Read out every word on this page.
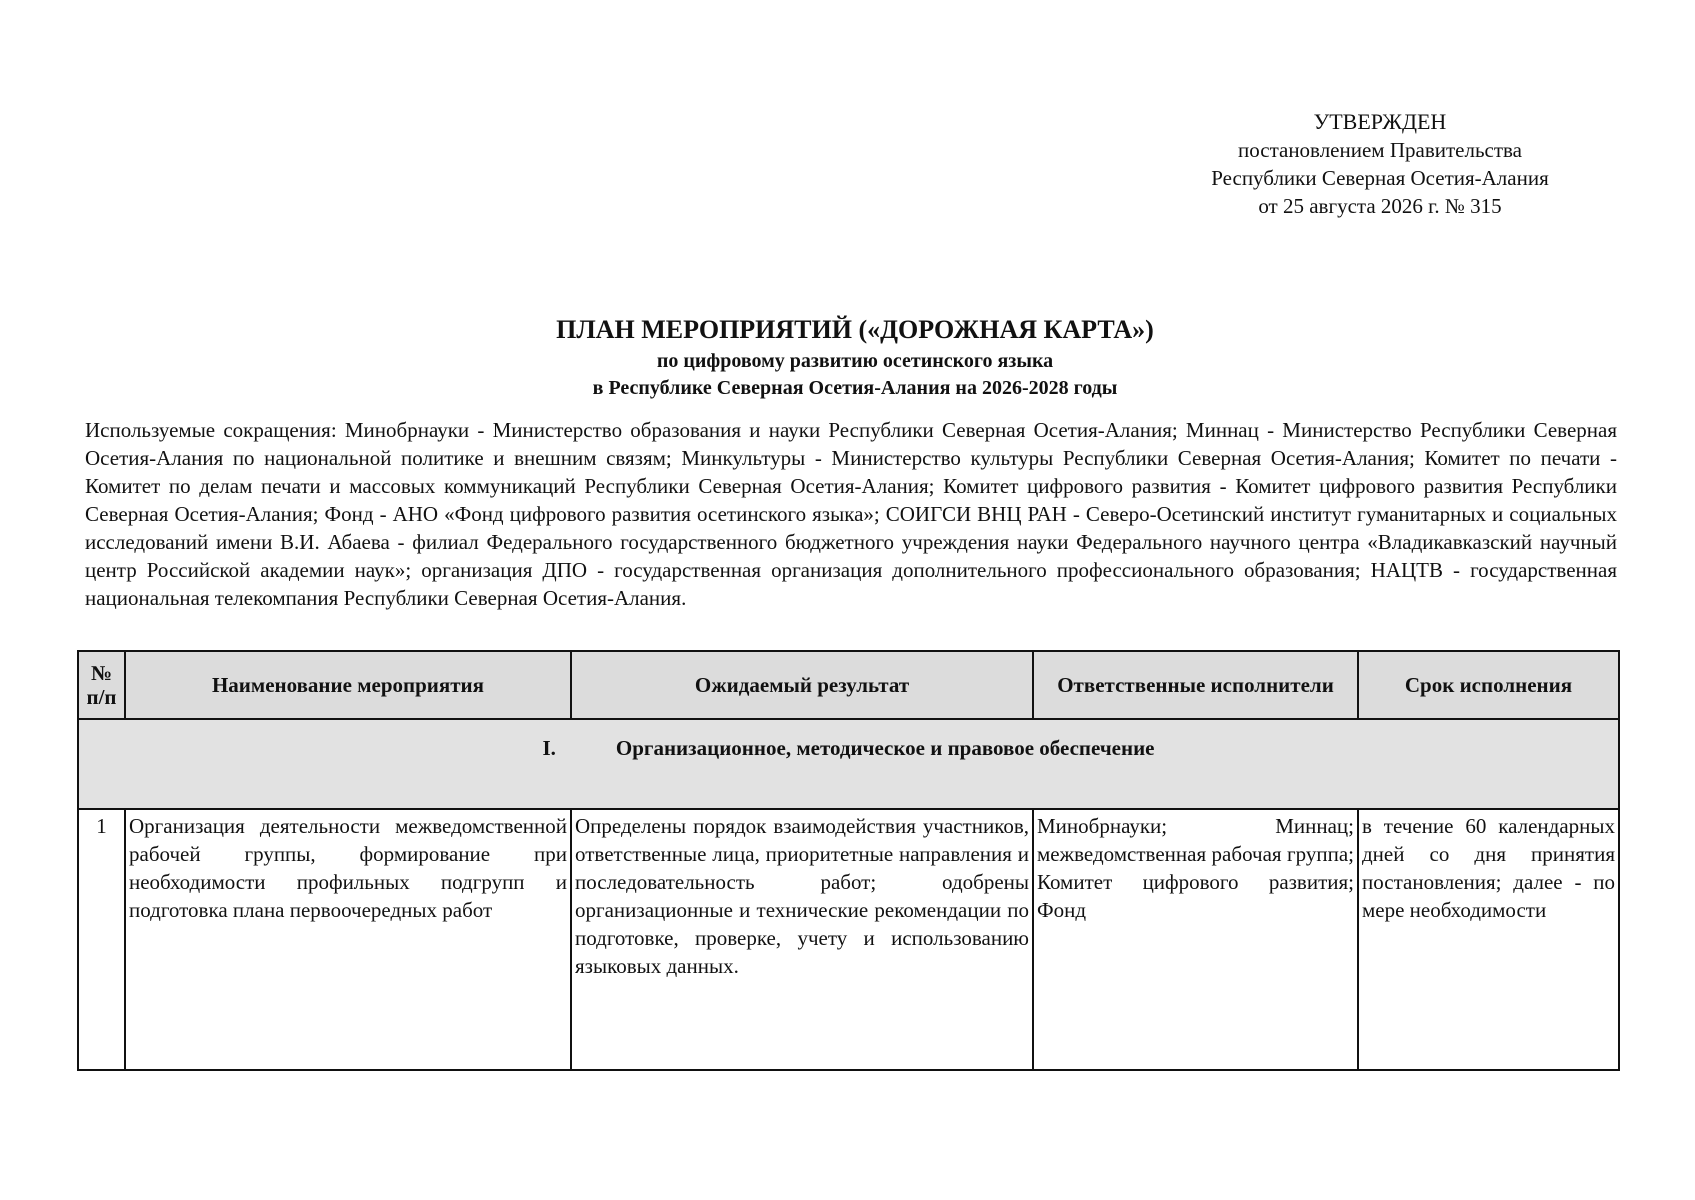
УТВЕРЖДЕН
постановлением Правительства
Республики Северная Осетия-Алания
от 25 августа 2026 г. № 315
ПЛАН МЕРОПРИЯТИЙ («ДОРОЖНАЯ КАРТА»)
по цифровому развитию осетинского языка
в Республике Северная Осетия-Алания на 2026-2028 годы
Используемые сокращения: Минобрнауки - Министерство образования и науки Республики Северная Осетия-Алания; Миннац - Министерство Республики Северная Осетия-Алания по национальной политике и внешним связям; Минкультуры - Министерство культуры Республики Северная Осетия-Алания; Комитет по печати - Комитет по делам печати и массовых коммуникаций Республики Северная Осетия-Алания; Комитет цифрового развития - Комитет цифрового развития Республики Северная Осетия-Алания; Фонд - АНО «Фонд цифрового развития осетинского языка»; СОИГСИ ВНЦ РАН - Северо-Осетинский институт гуманитарных и социальных исследований имени В.И. Абаева - филиал Федерального государственного бюджетного учреждения науки Федерального научного центра «Владикавказский научный центр Российской академии наук»; организация ДПО - государственная организация дополнительного профессионального образования; НАЦТВ - государственная национальная телекомпания Республики Северная Осетия-Алания.
№
п/п	Наименование мероприятия	Ожидаемый результат	Ответственные исполнители	Срок исполнения
I. Организационное, методическое и правовое обеспечение				
1	Организация деятельности межведомственной рабочей группы, формирование при необходимости профильных подгрупп и подготовка плана первоочередных работ	Определены порядок взаимодействия участников, ответственные лица, приоритетные направления и последовательность работ; одобрены организационные и технические рекомендации по подготовке, проверке, учету и использованию языковых данных.	Минобрнауки; Миннац; межведомственная рабочая группа; Комитет цифрового развития; Фонд	в течение 60 календарных дней со дня принятия постановления; далее - по мере необходимости
